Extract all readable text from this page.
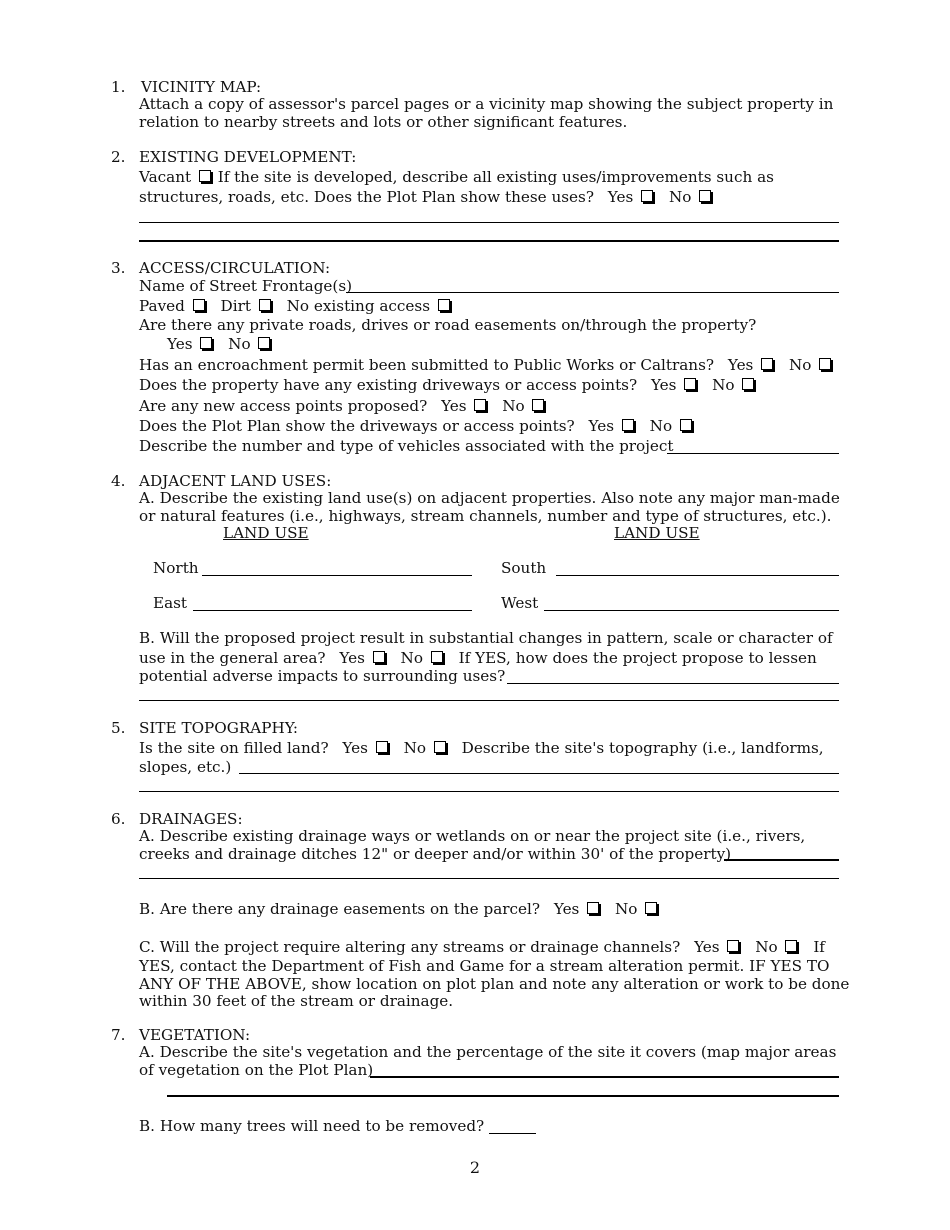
1. VICINITY MAP:
Attach a copy of assessor's parcel pages or a vicinity map showing the subject property in
relation to nearby streets and lots or other significant features.
2. EXISTING DEVELOPMENT:
Vacant If the site is developed, describe all existing uses/improvements such as
structures, roads, etc. Does the Plot Plan show these uses? Yes No
3. ACCESS/CIRCULATION:
Name of Street Frontage(s)
Paved Dirt No existing access
Are there any private roads, drives or road easements on/through the property?
Yes No
Has an encroachment permit been submitted to Public Works or Caltrans? Yes No
Does the property have any existing driveways or access points? Yes No
Are any new access points proposed? Yes No
Does the Plot Plan show the driveways or access points? Yes No
Describe the number and type of vehicles associated with the project
4. ADJACENT LAND USES:
A. Describe the existing land use(s) on adjacent properties. Also note any major man-made
or natural features (i.e., highways, stream channels, number and type of structures, etc.).
LAND USE	LAND USE
North	South
East	West
B. Will the proposed project result in substantial changes in pattern, scale or character of
use in the general area? Yes No If YES, how does the project propose to lessen
potential adverse impacts to surrounding uses?
5. SITE TOPOGRAPHY:
Is the site on filled land? Yes No Describe the site's topography (i.e., landforms,
slopes, etc.)
6. DRAINAGES:
A. Describe existing drainage ways or wetlands on or near the project site (i.e., rivers,
creeks and drainage ditches 12" or deeper and/or within 30' of the property)
B. Are there any drainage easements on the parcel? Yes No
C. Will the project require altering any streams or drainage channels? Yes No If
YES, contact the Department of Fish and Game for a stream alteration permit. IF YES TO
ANY OF THE ABOVE, show location on plot plan and note any alteration or work to be done
within 30 feet of the stream or drainage.
7. VEGETATION:
A. Describe the site's vegetation and the percentage of the site it covers (map major areas
of vegetation on the Plot Plan)
B. How many trees will need to be removed?
2
